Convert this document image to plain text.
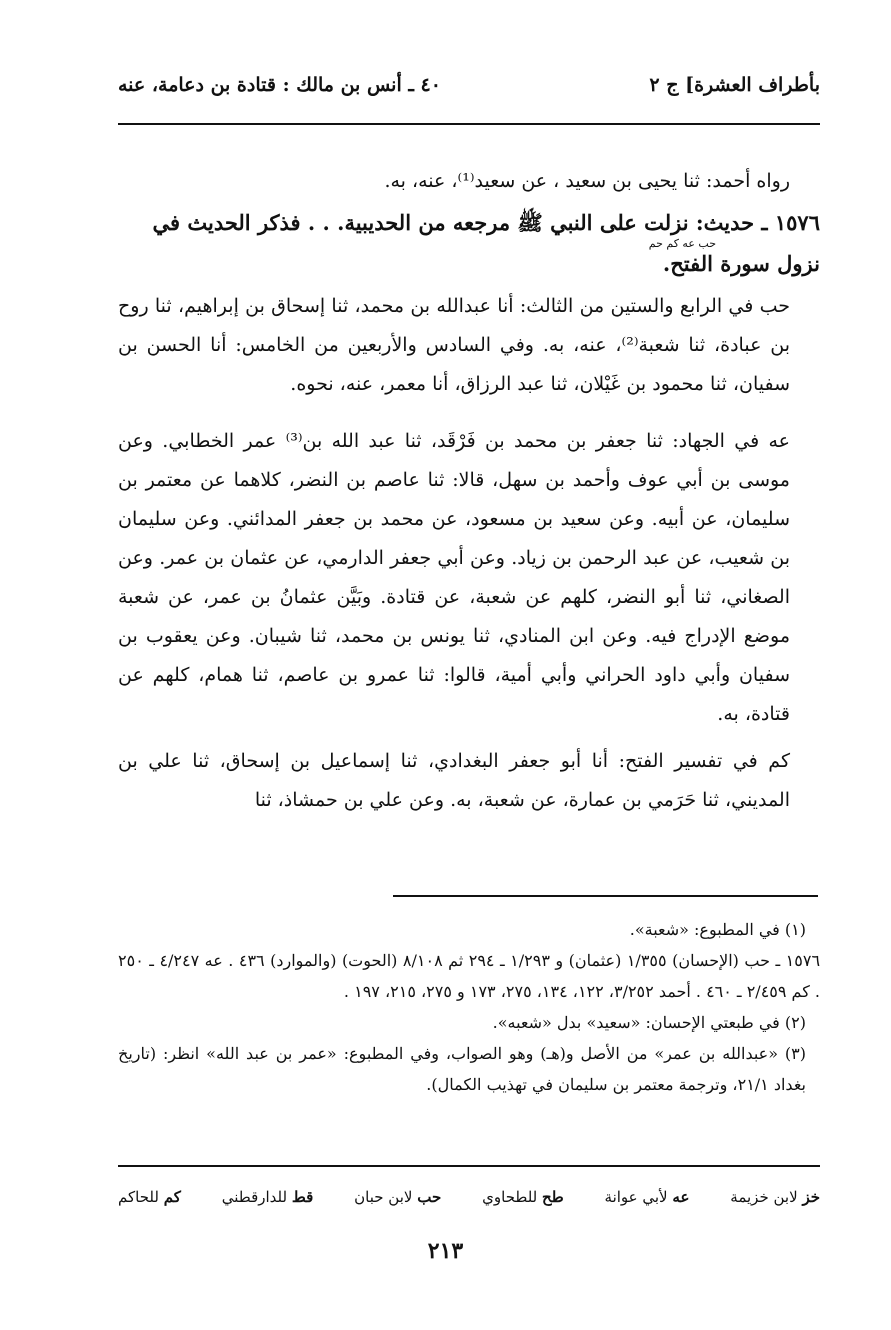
بأطراف العشرة] ج ٢
٤٠ ـ أنس بن مالك : قتادة بن دعامة، عنه

رواه أحمد: ثنا يحيى بن سعيد ، عن سعيد⁽¹⁾، عنه، به.

١٥٧٦ ـ حديث: نزلت على النبي ﷺ مرجعه من الحديبية. . . فذكر الحديث في

حب عه كم حم

نزول سورة الفتح.

حب في الرابع والستين من الثالث: أنا عبدالله بن محمد، ثنا إسحاق بن إبراهيم، ثنا روح بن عبادة، ثنا شعبة⁽²⁾، عنه، به. وفي السادس والأربعين من الخامس: أنا الحسن بن سفيان، ثنا محمود بن غَيْلان، ثنا عبد الرزاق، أنا معمر، عنه، نحوه.

عه في الجهاد: ثنا جعفر بن محمد بن فَرْقَد، ثنا عبد الله بن⁽³⁾ عمر الخطابي. وعن موسى بن أبي عوف وأحمد بن سهل، قالا: ثنا عاصم بن النضر، كلاهما عن معتمر بن سليمان، عن أبيه. وعن سعيد بن مسعود، عن محمد بن جعفر المدائني. وعن سليمان بن شعيب، عن عبد الرحمن بن زياد. وعن أبي جعفر الدارمي، عن عثمان بن عمر. وعن الصغاني، ثنا أبو النضر، كلهم عن شعبة، عن قتادة. وبَيَّن عثمانُ بن عمر، عن شعبة موضع الإدراج فيه. وعن ابن المنادي، ثنا يونس بن محمد، ثنا شيبان. وعن يعقوب بن سفيان وأبي داود الحراني وأبي أمية، قالوا: ثنا عمرو بن عاصم، ثنا همام، كلهم عن قتادة، به.

كم في تفسير الفتح: أنا أبو جعفر البغدادي، ثنا إسماعيل بن إسحاق، ثنا علي بن المديني، ثنا حَرَمي بن عمارة، عن شعبة، به. وعن علي بن حمشاذ، ثنا

(١) في المطبوع: «شعبة».

١٥٧٦ ـ حب (الإحسان) ١/٣٥٥ (عثمان) و ١/٢٩٣ ـ ٢٩٤ ثم ٨/١٠٨ (الحوت) (والموارد) ٤٣٦ . عه ٤/٢٤٧ ـ ٢٥٠ . كم ٢/٤٥٩ ـ ٤٦٠ . أحمد ٣/٢٥٢، ١٢٢، ١٣٤، ٢٧٥، ١٧٣ و ٢٧٥، ٢١٥، ١٩٧ .

(٢) في طبعتي الإحسان: «سعيد» بدل «شعبه».

(٣) «عبدالله بن عمر» من الأصل و(هـ) وهو الصواب، وفي المطبوع: «عمر بن عبد الله» انظر: (تاريخ بغداد ٢١/١، وترجمة معتمر بن سليمان في تهذيب الكمال).

خز لابن خزيمة
عه لأبي عوانة
طح للطحاوي
حب لابن حبان
قط للدارقطني
كم للحاكم
٢١٣
